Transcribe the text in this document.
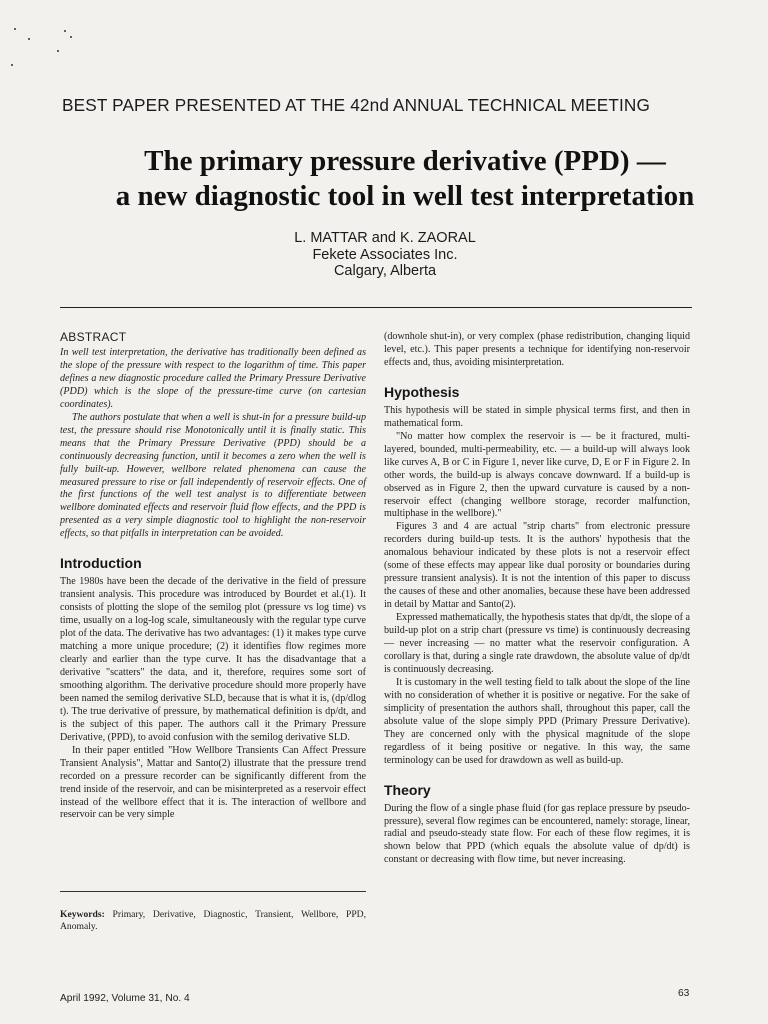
BEST PAPER PRESENTED AT THE 42nd ANNUAL TECHNICAL MEETING
The primary pressure derivative (PPD) —
a new diagnostic tool in well test interpretation
L. MATTAR and K. ZAORAL
Fekete Associates Inc.
Calgary, Alberta
ABSTRACT

In well test interpretation, the derivative has traditionally been defined as the slope of the pressure with respect to the logarithm of time. This paper defines a new diagnostic procedure called the Primary Pressure Derivative (PDD) which is the slope of the pressure-time curve (on cartesian coordinates).

The authors postulate that when a well is shut-in for a pressure build-up test, the pressure should rise Monotonically until it is finally static. This means that the Primary Pressure Derivative (PPD) should be a continuously decreasing function, until it becomes a zero when the well is fully built-up. However, wellbore related phenomena can cause the measured pressure to rise or fall independently of reservoir effects. One of the first functions of the well test analyst is to differentiate between wellbore dominated effects and reservoir fluid flow effects, and the PPD is presented as a very simple diagnostic tool to highlight the non-reservoir effects, so that pitfalls in interpretation can be avoided.

Introduction

The 1980s have been the decade of the derivative in the field of pressure transient analysis. This procedure was introduced by Bourdet et al.(1). It consists of plotting the slope of the semilog plot (pressure vs log time) vs time, usually on a log-log scale, simultaneously with the regular type curve plot of the data. The derivative has two advantages: (1) it makes type curve matching a more unique procedure; (2) it identifies flow regimes more clearly and earlier than the type curve. It has the disadvantage that a derivative "scatters" the data, and it, therefore, requires some sort of smoothing algorithm. The derivative procedure should more properly have been named the semilog derivative SLD, because that is what it is, (dp/dlog t). The true derivative of pressure, by mathematical definition is dp/dt, and is the subject of this paper. The authors call it the Primary Pressure Derivative, (PPD), to avoid confusion with the semilog derivative SLD.

In their paper entitled "How Wellbore Transients Can Affect Pressure Transient Analysis", Mattar and Santo(2) illustrate that the pressure trend recorded on a pressure recorder can be significantly different from the trend inside of the reservoir, and can be misinterpreted as a reservoir effect instead of the wellbore effect that it is. The interaction of wellbore and reservoir can be very simple

(downhole shut-in), or very complex (phase redistribution, changing liquid level, etc.). This paper presents a technique for identifying non-reservoir effects and, thus, avoiding misinterpretation.

Hypothesis

This hypothesis will be stated in simple physical terms first, and then in mathematical form.

"No matter how complex the reservoir is — be it fractured, multi-layered, bounded, multi-permeability, etc. — a build-up will always look like curves A, B or C in Figure 1, never like curve, D, E or F in Figure 2. In other words, the build-up is always concave downward. If a build-up is observed as in Figure 2, then the upward curvature is caused by a non-reservoir effect (changing wellbore storage, recorder malfunction, multiphase in the wellbore)."

Figures 3 and 4 are actual "strip charts" from electronic pressure recorders during build-up tests. It is the authors' hypothesis that the anomalous behaviour indicated by these plots is not a reservoir effect (some of these effects may appear like dual porosity or boundaries during pressure transient analysis). It is not the intention of this paper to discuss the causes of these and other anomalies, because these have been addressed in detail by Mattar and Santo(2).

Expressed mathematically, the hypothesis states that dp/dt, the slope of a build-up plot on a strip chart (pressure vs time) is continuously decreasing — never increasing — no matter what the reservoir configuration. A corollary is that, during a single rate drawdown, the absolute value of dp/dt is continuously decreasing.

It is customary in the well testing field to talk about the slope of the line with no consideration of whether it is positive or negative. For the sake of simplicity of presentation the authors shall, throughout this paper, call the absolute value of the slope simply PPD (Primary Pressure Derivative). They are concerned only with the physical magnitude of the slope regardless of it being positive or negative. In this way, the same terminology can be used for drawdown as well as build-up.

Theory

During the flow of a single phase fluid (for gas replace pressure by pseudo-pressure), several flow regimes can be encountered, namely: storage, linear, radial and pseudo-steady state flow. For each of these flow regimes, it is shown below that PPD (which equals the absolute value of dp/dt) is constant or decreasing with flow time, but never increasing.

Keywords: Primary, Derivative, Diagnostic, Transient, Wellbore, PPD, Anomaly.
April 1992, Volume 31, No. 4	63
